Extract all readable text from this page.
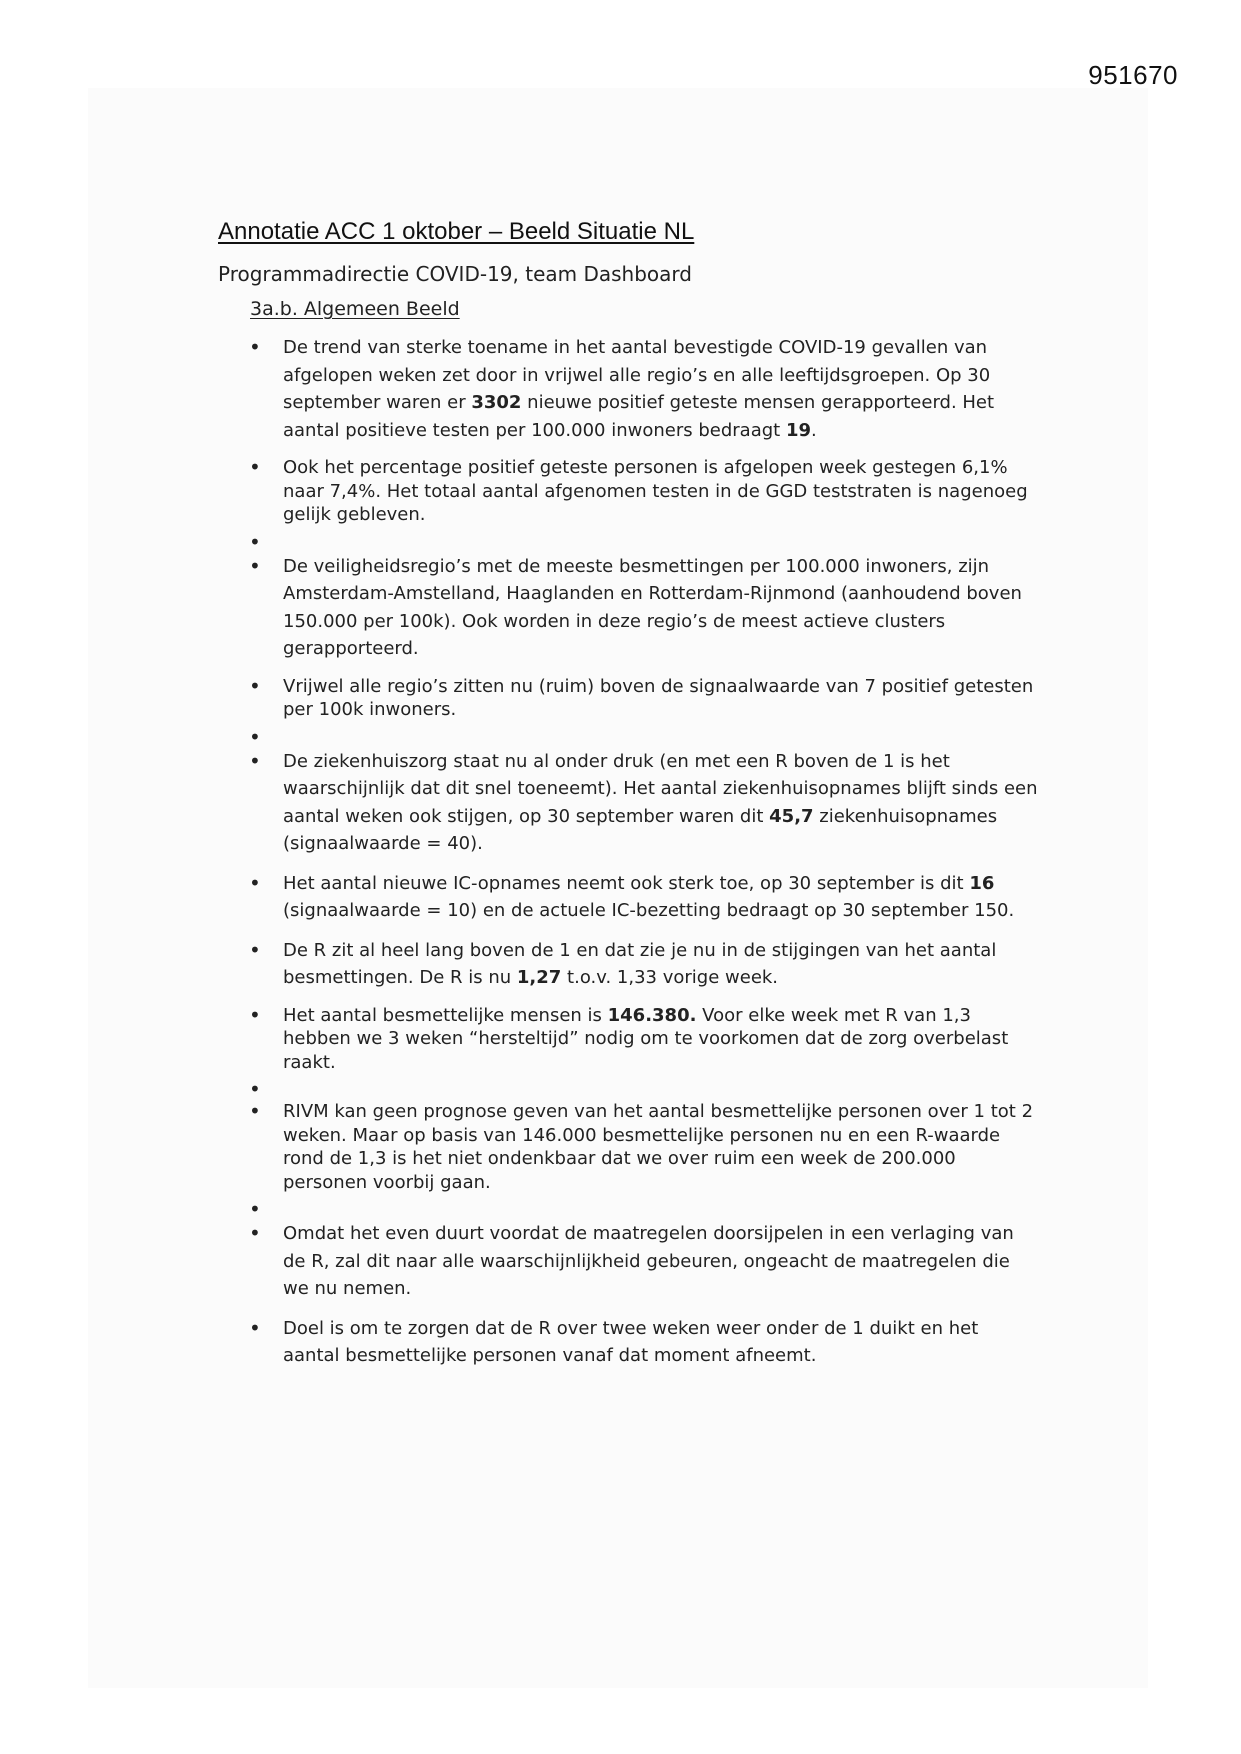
951670
Annotatie ACC 1 oktober – Beeld Situatie NL
Programmadirectie COVID-19, team Dashboard
3a.b. Algemeen Beeld
• De trend van sterke toename in het aantal bevestigde COVID-19 gevallen van afgelopen weken zet door in vrijwel alle regio’s en alle leeftijdsgroepen. Op 30 september waren er 3302 nieuwe positief geteste mensen gerapporteerd. Het aantal positieve testen per 100.000 inwoners bedraagt 19.
• Ook het percentage positief geteste personen is afgelopen week gestegen 6,1% naar 7,4%. Het totaal aantal afgenomen testen in de GGD teststraten is nagenoeg gelijk gebleven.
•
• De veiligheidsregio’s met de meeste besmettingen per 100.000 inwoners, zijn Amsterdam-Amstelland, Haaglanden en Rotterdam-Rijnmond (aanhoudend boven 150.000 per 100k). Ook worden in deze regio’s de meest actieve clusters gerapporteerd.
• Vrijwel alle regio’s zitten nu (ruim) boven de signaalwaarde van 7 positief getesten per 100k inwoners.
•
• De ziekenhuiszorg staat nu al onder druk (en met een R boven de 1 is het waarschijnlijk dat dit snel toeneemt). Het aantal ziekenhuisopnames blijft sinds een aantal weken ook stijgen, op 30 september waren dit 45,7 ziekenhuisopnames (signaalwaarde = 40).
• Het aantal nieuwe IC-opnames neemt ook sterk toe, op 30 september is dit 16 (signaalwaarde = 10) en de actuele IC-bezetting bedraagt op 30 september 150.
• De R zit al heel lang boven de 1 en dat zie je nu in de stijgingen van het aantal besmettingen. De R is nu 1,27 t.o.v. 1,33 vorige week.
• Het aantal besmettelijke mensen is 146.380. Voor elke week met R van 1,3 hebben we 3 weken “hersteltijd” nodig om te voorkomen dat de zorg overbelast raakt.
•
• RIVM kan geen prognose geven van het aantal besmettelijke personen over 1 tot 2 weken. Maar op basis van 146.000 besmettelijke personen nu en een R-waarde rond de 1,3 is het niet ondenkbaar dat we over ruim een week de 200.000 personen voorbij gaan.
•
• Omdat het even duurt voordat de maatregelen doorsijpelen in een verlaging van de R, zal dit naar alle waarschijnlijkheid gebeuren, ongeacht de maatregelen die we nu nemen.
• Doel is om te zorgen dat de R over twee weken weer onder de 1 duikt en het aantal besmettelijke personen vanaf dat moment afneemt.
